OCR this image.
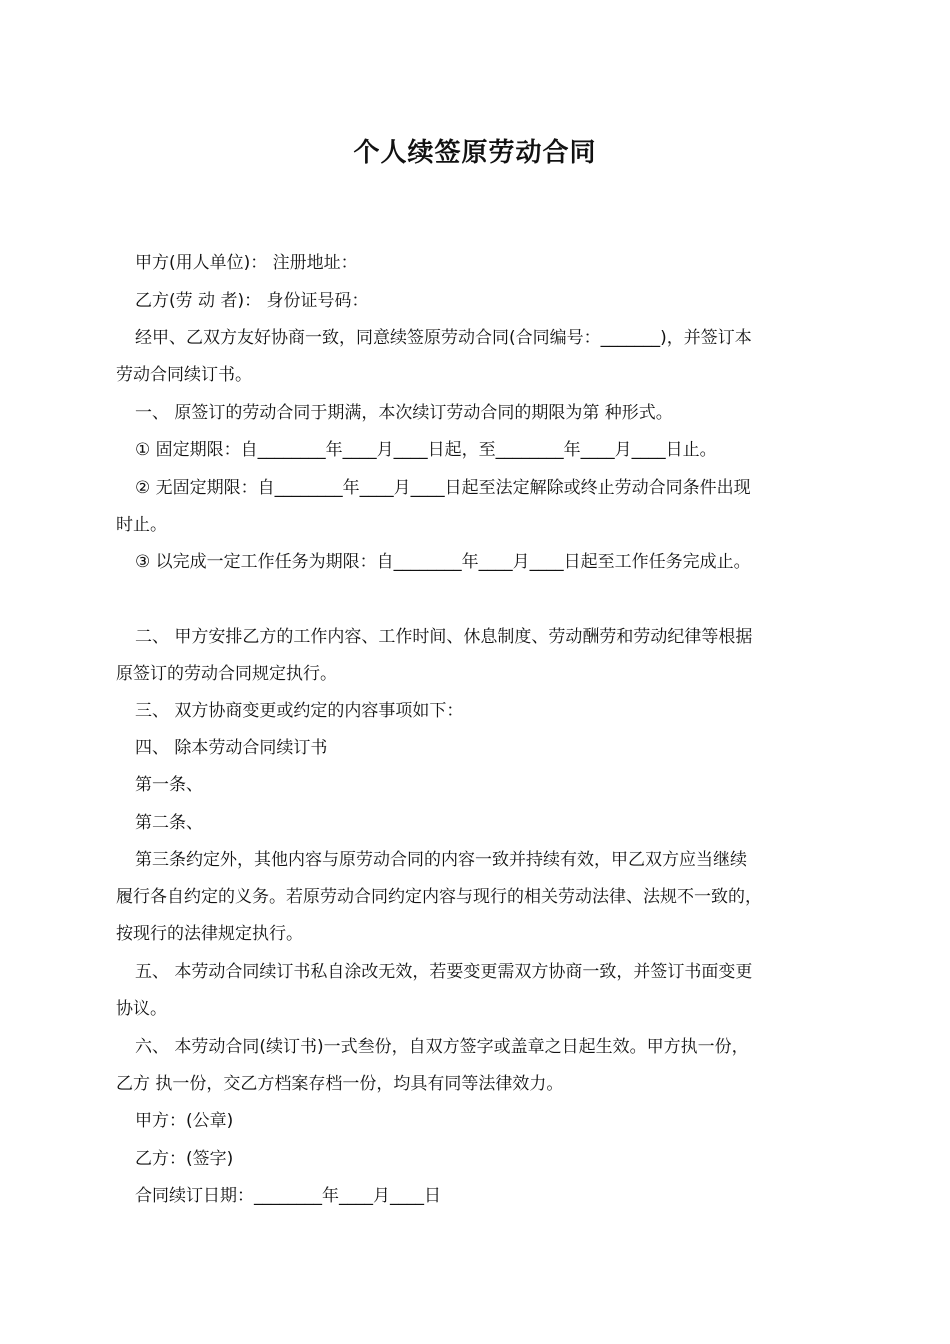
个人续签原劳动合同
甲方(用人单位)： 注册地址：
乙方(劳 动 者)： 身份证号码：
经甲、乙双方友好协商一致，同意续签原劳动合同(合同编号：_______)，并签订本
劳动合同续订书。
一、 原签订的劳动合同于期满，本次续订劳动合同的期限为第 种形式。
① 固定期限：自________年____月____日起，至________年____月____日止。
② 无固定期限：自________年____月____日起至法定解除或终止劳动合同条件出现
时止。
③ 以完成一定工作任务为期限：自________年____月____日起至工作任务完成止。
二、 甲方安排乙方的工作内容、工作时间、休息制度、劳动酬劳和劳动纪律等根据
原签订的劳动合同规定执行。
三、 双方协商变更或约定的内容事项如下：
四、 除本劳动合同续订书
第一条、
第二条、
第三条约定外，其他内容与原劳动合同的内容一致并持续有效，甲乙双方应当继续
履行各自约定的义务。若原劳动合同约定内容与现行的相关劳动法律、法规不一致的，
按现行的法律规定执行。
五、 本劳动合同续订书私自涂改无效，若要变更需双方协商一致，并签订书面变更
协议。
六、 本劳动合同(续订书)一式叁份，自双方签字或盖章之日起生效。甲方执一份，
乙方 执一份，交乙方档案存档一份，均具有同等法律效力。
甲方：(公章)
乙方：(签字)
合同续订日期：________年____月____日
